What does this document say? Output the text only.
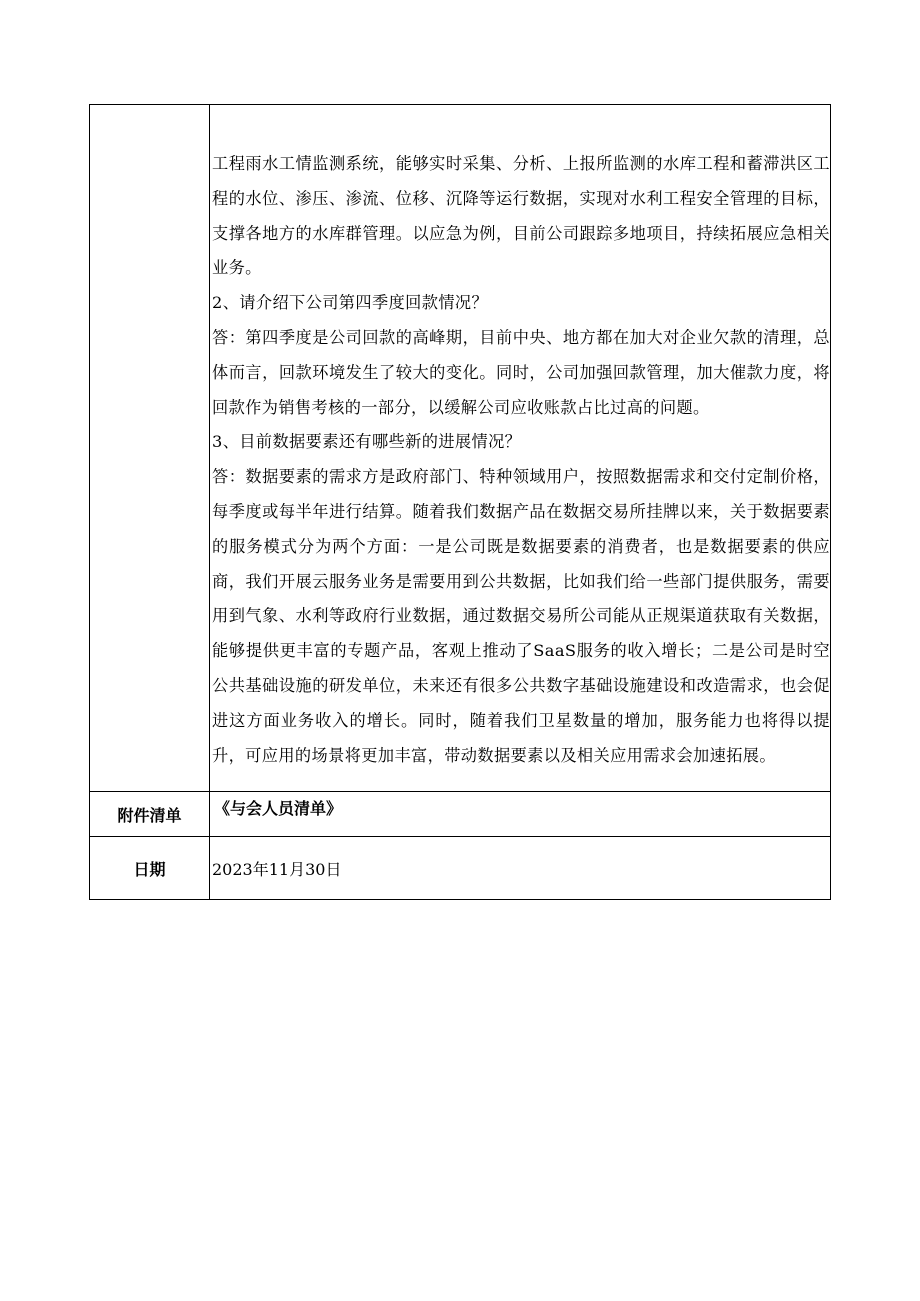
	工程雨水工情监测系统，能够实时采集、分析、上报所监测的水库工程和蓄滞洪区工程的水位、渗压、渗流、位移、沉降等运行数据，实现对水利工程安全管理的目标，支撑各地方的水库群管理。以应急为例，目前公司跟踪多地项目，持续拓展应急相关业务。

2、请介绍下公司第四季度回款情况？

答：第四季度是公司回款的高峰期，目前中央、地方都在加大对企业欠款的清理，总体而言，回款环境发生了较大的变化。同时，公司加强回款管理，加大催款力度，将回款作为销售考核的一部分，以缓解公司应收账款占比过高的问题。

3、目前数据要素还有哪些新的进展情况？

答：数据要素的需求方是政府部门、特种领域用户，按照数据需求和交付定制价格，每季度或每半年进行结算。随着我们数据产品在数据交易所挂牌以来，关于数据要素的服务模式分为两个方面：一是公司既是数据要素的消费者，也是数据要素的供应商，我们开展云服务业务是需要用到公共数据，比如我们给一些部门提供服务，需要用到气象、水利等政府行业数据，通过数据交易所公司能从正规渠道获取有关数据，能够提供更丰富的专题产品，客观上推动了SaaS服务的收入增长；二是公司是时空公共基础设施的研发单位，未来还有很多公共数字基础设施建设和改造需求，也会促进这方面业务收入的增长。同时，随着我们卫星数量的增加，服务能力也将得以提升，可应用的场景将更加丰富，带动数据要素以及相关应用需求会加速拓展。

附件清单	《与会人员清单》

日期	2023年11月30日
